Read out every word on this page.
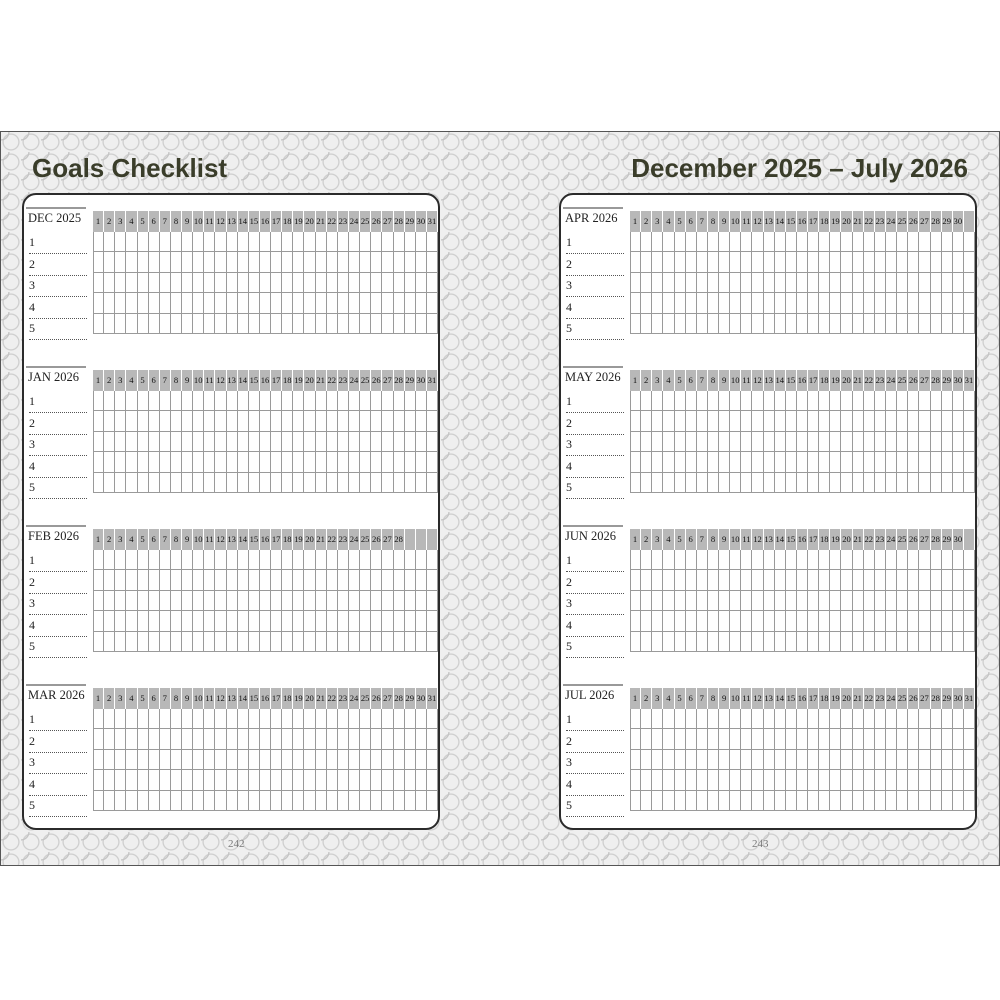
Goals Checklist	December 2025 – July 2026
DEC 2025
1
2
3
4
5
1 2 3 4 5 6 7 8 9 10 11 12 13 14 15 16 17 18 19 20 21 22 23 24 25 26 27 28 29 30 31
JAN 2026
1
2
3
4
5
1 2 3 4 5 6 7 8 9 10 11 12 13 14 15 16 17 18 19 20 21 22 23 24 25 26 27 28 29 30 31
FEB 2026
1
2
3
4
5
1 2 3 4 5 6 7 8 9 10 11 12 13 14 15 16 17 18 19 20 21 22 23 24 25 26 27 28
MAR 2026
1
2
3
4
5
1 2 3 4 5 6 7 8 9 10 11 12 13 14 15 16 17 18 19 20 21 22 23 24 25 26 27 28 29 30 31
APR 2026
1
2
3
4
5
1 2 3 4 5 6 7 8 9 10 11 12 13 14 15 16 17 18 19 20 21 22 23 24 25 26 27 28 29 30
MAY 2026
1
2
3
4
5
1 2 3 4 5 6 7 8 9 10 11 12 13 14 15 16 17 18 19 20 21 22 23 24 25 26 27 28 29 30 31
JUN 2026
1
2
3
4
5
1 2 3 4 5 6 7 8 9 10 11 12 13 14 15 16 17 18 19 20 21 22 23 24 25 26 27 28 29 30
JUL 2026
1
2
3
4
5
1 2 3 4 5 6 7 8 9 10 11 12 13 14 15 16 17 18 19 20 21 22 23 24 25 26 27 28 29 30 31
242	243
